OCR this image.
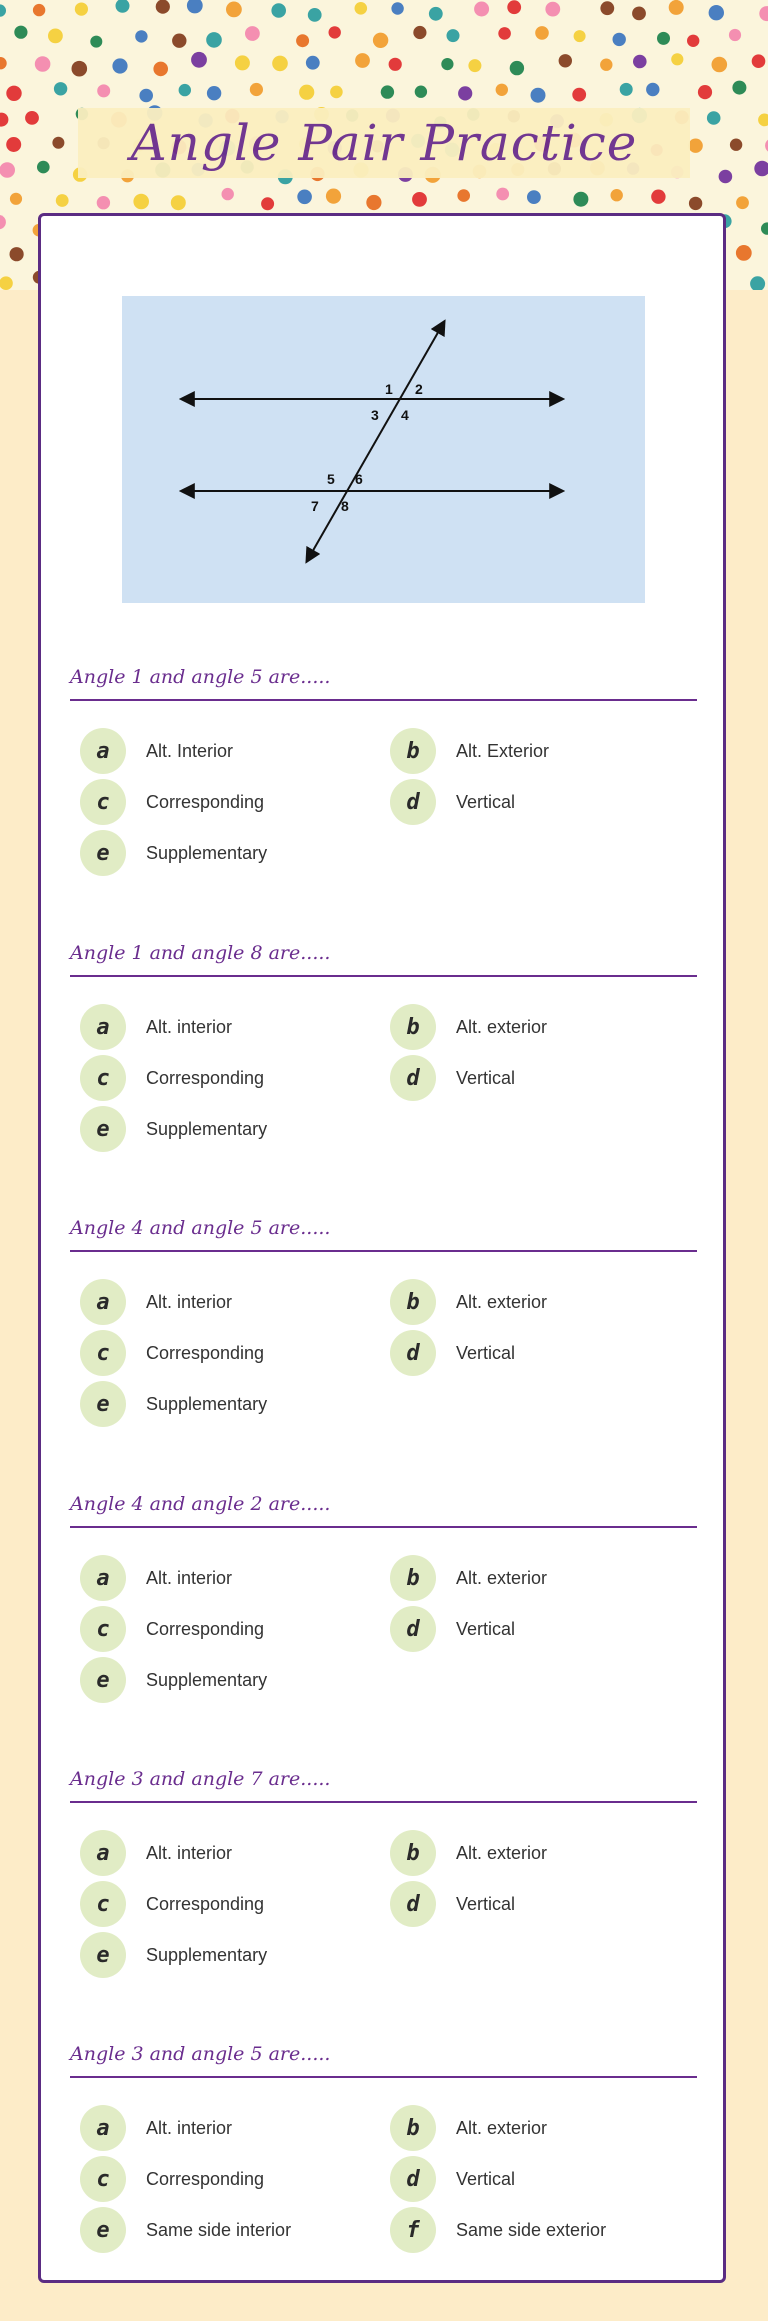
Angle Pair Practice
1 2
3 4
5 6
7 8
Angle 1 and angle 5 are.....
a	Alt. Interior	b	Alt. Exterior
c	Corresponding	d	Vertical
e	Supplementary
Angle 1 and angle 8 are.....
a	Alt. interior	b	Alt. exterior
c	Corresponding	d	Vertical
e	Supplementary
Angle 4 and angle 5 are.....
a	Alt. interior	b	Alt. exterior
c	Corresponding	d	Vertical
e	Supplementary
Angle 4 and angle 2 are.....
a	Alt. interior	b	Alt. exterior
c	Corresponding	d	Vertical
e	Supplementary
Angle 3 and angle 7 are.....
a	Alt. interior	b	Alt. exterior
c	Corresponding	d	Vertical
e	Supplementary
Angle 3 and angle 5 are.....
a	Alt. interior	b	Alt. exterior
c	Corresponding	d	Vertical
e	Same side interior	f	Same side exterior
